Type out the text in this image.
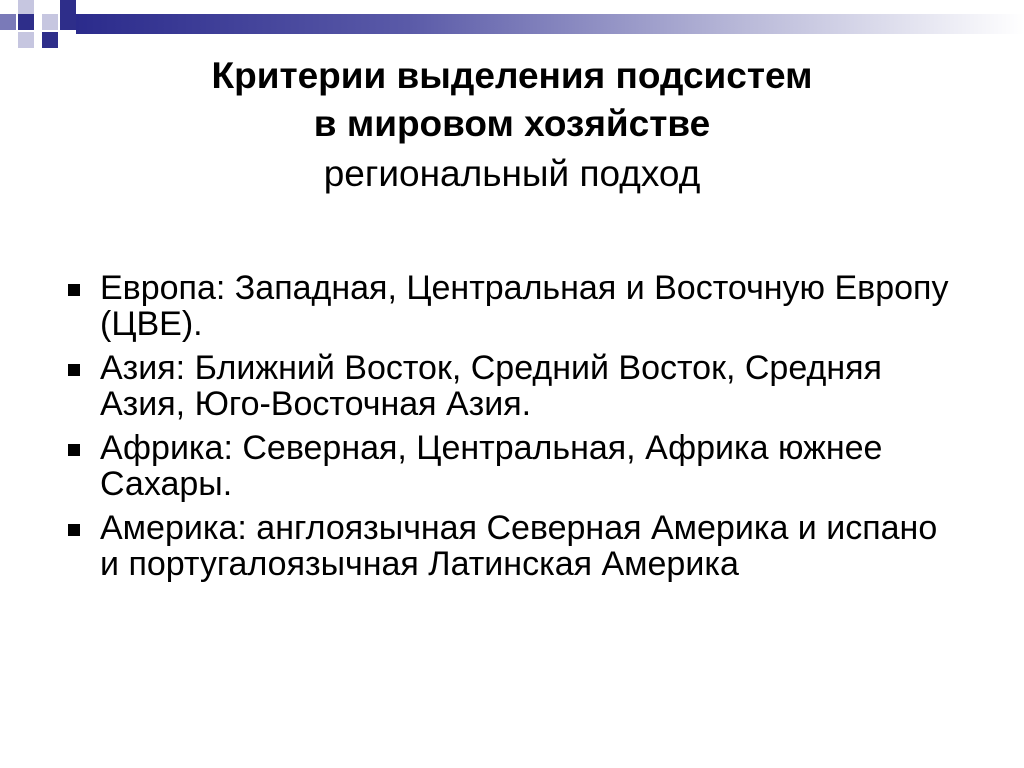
Критерии выделения подсистем
в мировом хозяйстве
региональный подход
Европа: Западная, Центральная и Восточную Европу (ЦВЕ).
Азия: Ближний Восток, Средний Восток, Средняя Азия, Юго-Восточная Азия.
Африка: Северная, Центральная, Африка южнее Сахары.
Америка: англоязычная Северная Америка и испано и португалоязычная Латинская Америка
